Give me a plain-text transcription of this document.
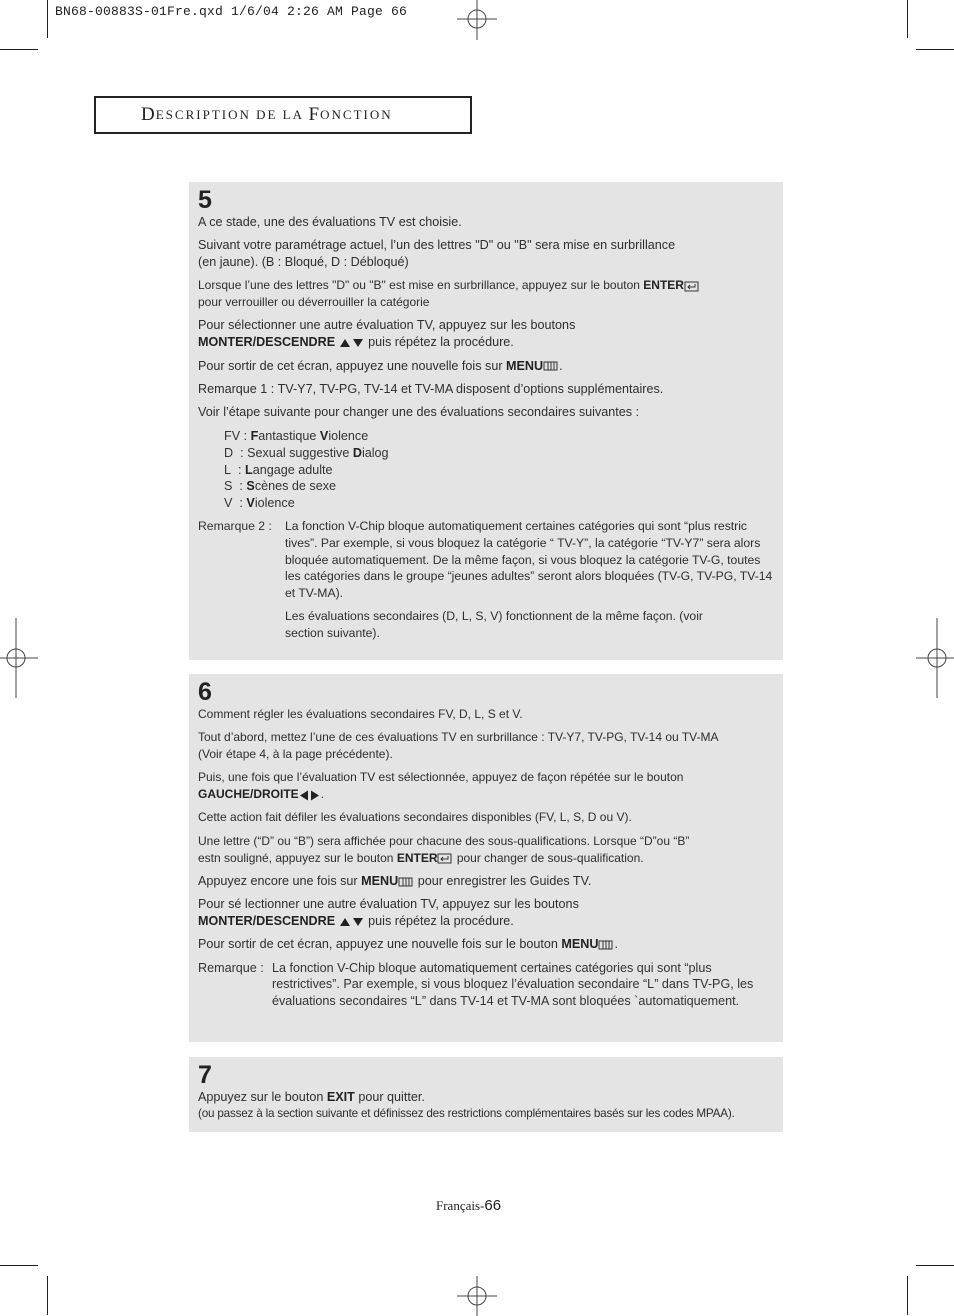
BN68-00883S-01Fre.qxd 1/6/04 2:26 AM Page 66
D ESCRIPTION DE LA F ONCTION
5

A ce stade, une des évaluations TV est choisie.

Suivant votre paramétrage actuel, l’un des lettres "D" ou "B" sera mise en surbrillance
(en jaune). (B : Bloqué, D : Débloqué)

Lorsque l’une des lettres "D" ou "B" est mise en surbrillance, appuyez sur le bouton ENTER
pour verrouiller ou déverrouiller la catégorie

Pour sélectionner une autre évaluation TV, appuyez sur les boutons
MONTER/DESCENDRE  puis répétez la procédure.

Pour sortir de cet écran, appuyez une nouvelle fois sur MENU .

Remarque 1 : TV-Y7, TV-PG, TV-14 et TV-MA disposent d’options supplémentaires.

Voir l’étape suivante pour changer une des évaluations secondaires suivantes :

FV : F antastique V iolence
D : Sexual suggestive D ialog
L : L angage adulte
S : S cènes de sexe
V : V iolence
Remarque 2 : La fonction V-Chip bloque automatiquement certaines catégories qui sont “plus restric tives”. Par exemple, si vous bloquez la catégorie “ TV-Y”, la catégorie “TV-Y7” sera alors bloquée automatiquement. De la même façon, si vous bloquez la catégorie TV-G, toutes les catégories dans le groupe “jeunes adultes” seront alors bloquées (TV-G, TV-PG, TV-14 et TV-MA).

Les évaluations secondaires (D, L, S, V) fonctionnent de la même façon. (voir section suivante).

6

Comment régler les évaluations secondaires FV, D, L, S et V.

Tout d’abord, mettez l’une de ces évaluations TV en surbrillance : TV-Y7, TV-PG, TV-14 ou TV-MA
(Voir étape 4, à la page précédente).

Puis, une fois que l’évaluation TV est sélectionnée, appuyez de façon répétée sur le bouton
GAUCHE/DROITE .

Cette action fait défiler les évaluations secondaires disponibles (FV, L, S, D ou V).

Une lettre (“D” ou “B”) sera affichée pour chacune des sous-qualifications. Lorsque “D”ou “B”
estn souligné, appuyez sur le bouton ENTER pour changer de sous-qualification.

Appuyez encore une fois sur MENU pour enregistrer les Guides TV.

Pour sé lectionner une autre évaluation TV, appuyez sur les boutons
MONTER/DESCENDRE  puis répétez la procédure.

Pour sortir de cet écran, appuyez une nouvelle fois sur le bouton MENU .

Remarque : La fonction V-Chip bloque automatiquement certaines catégories qui sont “plus restrictives”. Par exemple, si vous bloquez l’évaluation secondaire “L” dans TV-PG, les évaluations secondaires “L” dans TV-14 et TV-MA sont bloquées `automatiquement.
7

Appuyez sur le bouton EXIT pour quitter.

(ou passez à la section suivante et définissez des restrictions complémentaires basés sur les codes MPAA).

Français-66
